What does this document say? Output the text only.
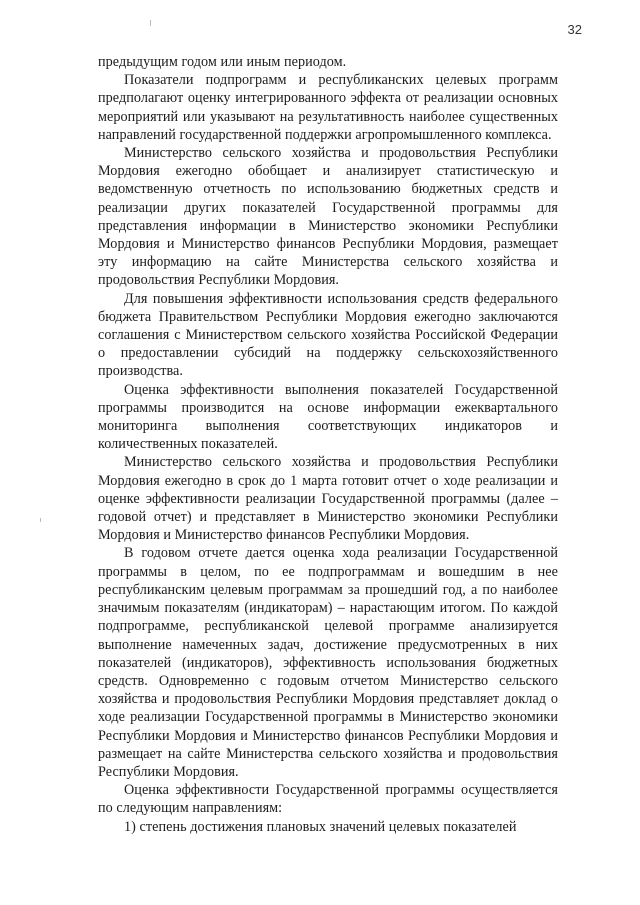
32

предыдущим годом или иным периодом.

Показатели подпрограмм и республиканских целевых программ предполагают оценку интегрированного эффекта от реализации основных мероприятий или указывают на результативность наиболее существенных направлений государственной поддержки агропромышленного комплекса.

Министерство сельского хозяйства и продовольствия Республики Мордовия ежегодно обобщает и анализирует статистическую и ведомственную отчетность по использованию бюджетных средств и реализации других показателей Государственной программы для представления информации в Министерство экономики Республики Мордовия и Министерство финансов Республики Мордовия, размещает эту информацию на сайте Министерства сельского хозяйства и продовольствия Республики Мордовия.

Для повышения эффективности использования средств федерального бюджета Правительством Республики Мордовия ежегодно заключаются соглашения с Министерством сельского хозяйства Российской Федерации о предоставлении субсидий на поддержку сельскохозяйственного производства.

Оценка эффективности выполнения показателей Государственной программы производится на основе информации ежеквартального мониторинга выполнения соответствующих индикаторов и количественных показателей.

Министерство сельского хозяйства и продовольствия Республики Мордовия ежегодно в срок до 1 марта готовит отчет о ходе реализации и оценке эффективности реализации Государственной программы (далее – годовой отчет) и представляет в Министерство экономики Республики Мордовия и Министерство финансов Республики Мордовия.

В годовом отчете дается оценка хода реализации Государственной программы в целом, по ее подпрограммам и вошедшим в нее республиканским целевым программам за прошедший год, а по наиболее значимым показателям (индикаторам) – нарастающим итогом. По каждой подпрограмме, республиканской целевой программе анализируется выполнение намеченных задач, достижение предусмотренных в них показателей (индикаторов), эффективность использования бюджетных средств. Одновременно с годовым отчетом Министерство сельского хозяйства и продовольствия Республики Мордовия представляет доклад о ходе реализации Государственной программы в Министерство экономики Республики Мордовия и Министерство финансов Республики Мордовия и размещает на сайте Министерства сельского хозяйства и продовольствия Республики Мордовия.

Оценка эффективности Государственной программы осуществляется по следующим направлениям:

1) степень достижения плановых значений целевых показателей
